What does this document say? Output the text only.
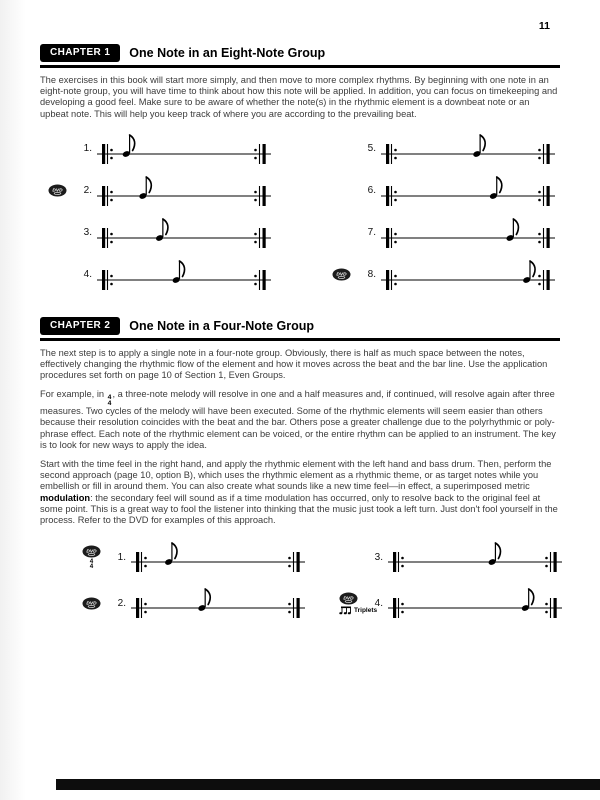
11
CHAPTER 1	One Note in an Eight-Note Group

The exercises in this book will start more simply, and then move to more complex rhythms. By beginning with one note in an eight-note group, you will have time to think about how this note will be applied. In addition, you can focus on timekeeping and developing a good feel. Make sure to be aware of whether the note(s) in the rhythmic element is a downbeat note or an upbeat note. This will help you keep track of where you are according to the prevailing beat.

1.
DVD	2.
3.
4.
5.
6.
7.
DVD	8.
CHAPTER 2	One Note in a Four-Note Group

The next step is to apply a single note in a four-note group. Obviously, there is half as much space between the notes, effectively changing the rhythmic flow of the element and how it moves across the beat and the bar line. Use the application procedures set forth on page 10 of Section 1, Even Groups.

For example, in 4
4
, a three-note melody will resolve in one and a half measures and, if continued, will resolve again after three measures. Two cycles of the melody will have been executed. Some of the rhythmic elements will seem easier than others because their resolution coincides with the beat and the bar. Others pose a greater challenge due to the polyrhythmic or poly-phrase effect. Each note of the rhythmic element can be voiced, or the entire rhythm can be applied to an instrument. The key is to look for new ways to apply the idea.

Start with the time feel in the right hand, and apply the rhythmic element with the left hand and bass drum. Then, perform the second approach (page 10, option B), which uses the rhythmic element as a rhythmic theme, or as target notes while you embellish or fill in around them. You can also create what sounds like a new time feel—in effect, a superimposed metric modulation: the secondary feel will sound as if a time modulation has occurred, only to resolve back to the original feel at some point. This is a great way to fool the listener into thinking that the music just took a left turn. Just don't fool yourself in the process. Refer to the DVD for examples of this approach.

DVD
4
4
1.
DVD	2.
3.
DVD
Triplets
4.
